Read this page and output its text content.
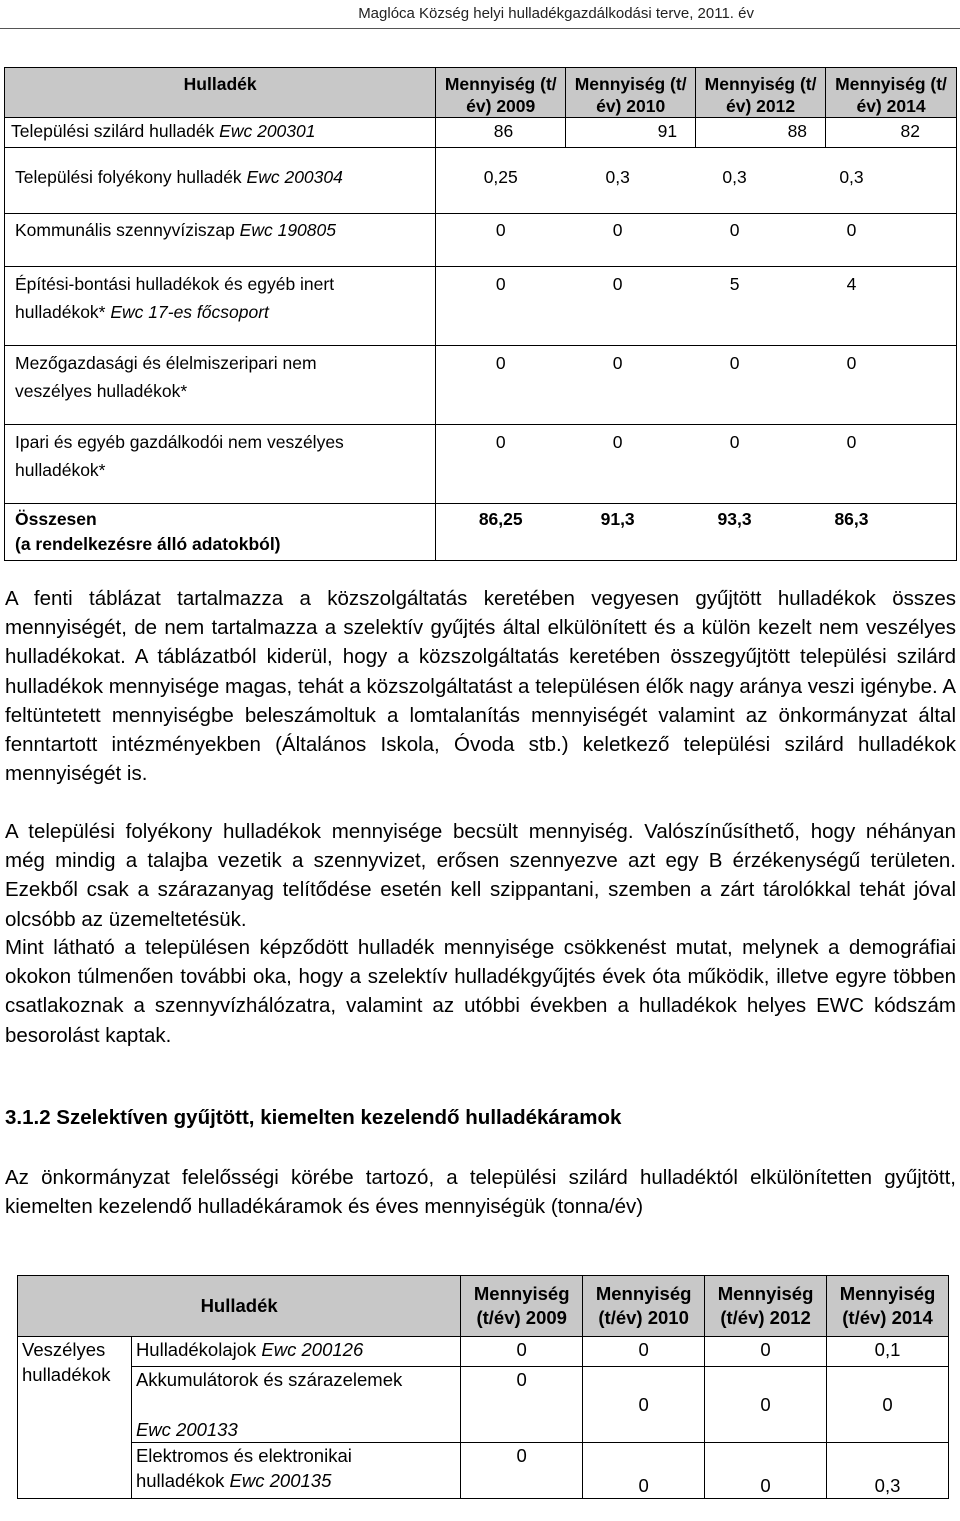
Maglóca Község helyi hulladékgazdálkodási terve, 2011. év
Hulladék	Mennyiség (t/év) 2009	Mennyiség (t/év) 2010	Mennyiség (t/év) 2012	Mennyiség (t/év) 2014
Települési szilárd hulladék Ewc 200301	86	91	88	82
Települési folyékony hulladék Ewc 200304	0,25 0,3 0,3 0,3			

Kommunális szennyvíziszap Ewc 190805	0 0 0 0			

Építési-bontási hulladékok és egyéb inert
hulladékok* Ewc 17-es főcsoport	0 0 5 4			

Mezőgazdasági és élelmiszeripari nem
veszélyes hulladékok*	0 0 0 0			

Ipari és egyéb gazdálkodói nem veszélyes
hulladékok*	0 0 0 0			

Összesen
(a rendelkezésre álló adatokból)	86,25 91,3 93,3 86,3			

A fenti táblázat tartalmazza a közszolgáltatás keretében vegyesen gyűjtött hulladékok összes mennyiségét, de nem tartalmazza a szelektív gyűjtés által elkülönített és a külön kezelt nem veszélyes hulladékokat. A táblázatból kiderül, hogy a közszolgáltatás keretében összegyűjtött települési szilárd hulladékok mennyisége magas, tehát a közszolgáltatást a településen élők nagy aránya veszi igénybe. A feltüntetett mennyiségbe beleszámoltuk a lomtalanítás mennyiségét valamint az önkormányzat által fenntartott intézményekben (Általános Iskola, Óvoda stb.) keletkező települési szilárd hulladékok mennyiségét is.

A települési folyékony hulladékok mennyisége becsült mennyiség. Valószínűsíthető, hogy néhányan még mindig a talajba vezetik a szennyvizet, erősen szennyezve azt egy B érzékenységű területen. Ezekből csak a szárazanyag telítődése esetén kell szippantani, szemben a zárt tárolókkal tehát jóval olcsóbb az üzemeltetésük.

Mint látható a településen képződött hulladék mennyisége csökkenést mutat, melynek a demográfiai okokon túlmenően további oka, hogy a szelektív hulladékgyűjtés évek óta működik, illetve egyre többen csatlakoznak a szennyvízhálózatra, valamint az utóbbi években a hulladékok helyes EWC kódszám besorolást kaptak.

3.1.2 Szelektíven gyűjtött, kiemelten kezelendő hulladékáramok

Az önkormányzat felelősségi körébe tartozó, a települési szilárd hulladéktól elkülönítetten gyűjtött, kiemelten kezelendő hulladékáramok és éves mennyiségük (tonna/év)

Hulladék		Mennyiség (t/év) 2009	Mennyiség (t/év) 2010	Mennyiség (t/év) 2012	Mennyiség (t/év) 2014
Veszélyes hulladékok	Hulladékolajok Ewc 200126	0	0	0	0,1
	Akkumulátorok és szárazelemek

Ewc 200133	0	0	0	0
	Elektromos és elektronikai
hulladékok Ewc 200135	0	0	0	0,3
